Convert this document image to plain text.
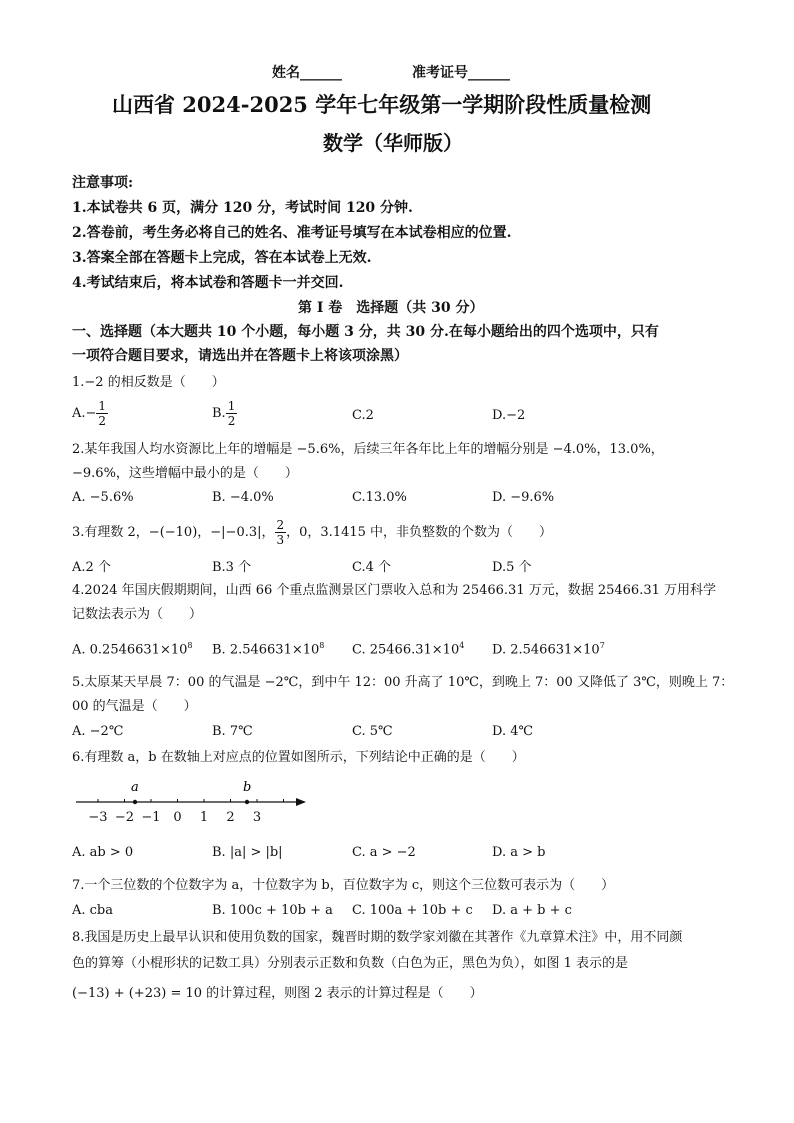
姓名______	准考证号______
山西省 2024-2025 学年七年级第一学期阶段性质量检测
数学（华师版）
注意事项:
1.本试卷共 6 页，满分 120 分，考试时间 120 分钟.
2.答卷前，考生务必将自己的姓名、准考证号填写在本试卷相应的位置.
3.答案全部在答题卡上完成，答在本试卷上无效.
4.考试结束后，将本试卷和答题卡一并交回.
第 I 卷　选择题（共 30 分）
一、选择题（本大题共 10 个小题，每小题 3 分，共 30 分.在每小题给出的四个选项中，只有
一项符合题目要求，请选出并在答题卡上将该项涂黑）
1.−2 的相反数是（　　）
$A.- \frac{1}{2}$	B. $\frac{1}{2}$	C.2	D.−2
2.某年我国人均水资源比上年的增幅是 −5.6%，后续三年各年比上年的增幅分别是 −4.0%，13.0%，
−9.6%，这些增幅中最小的是（　　）
A. −5.6%	B. −4.0%	C.13.0%	D. −9.6%
3.有理数 2，−(−10)，−|−0.3|， $\frac{2}{3}$ ，0，3.1415 中，非负整数的个数为（　　）
A.2 个	B.3 个	C.4 个	D.5 个
4.2024 年国庆假期期间，山西 66 个重点监测景区门票收入总和为 25466.31 万元，数据 25466.31 万用科学
记数法表示为（　　）
A. $0.2546631\times 10^8$ B. $2.546631\times 10^8$ C. $25466.31\times 10^4$ D. $2.546631\times 10^7$
5.太原某天早晨 7：00 的气温是 −2℃，到中午 12：00 升高了 10℃，到晚上 7：00 又降低了 3℃，则晚上 7：
00 的气温是（　　）
A. −2℃	B. 7℃	C. 5℃	D. 4℃
6.有理数 a，b 在数轴上对应点的位置如图所示，下列结论中正确的是（　　）
−3 −2 −1 0 1 2 3
a	b
A. ab > 0	B. |a| > |b|	C. a > −2	D. a > b
7.一个三位数的个位数字为 a，十位数字为 b，百位数字为 c，则这个三位数可表示为（　　）
A. cba	B. 100c + 10b + a C. 100a + 10b + c D. a + b + c
8.我国是历史上最早认识和使用负数的国家，魏晋时期的数学家刘徽在其著作《九章算术注》中，用不同颜
色的算筹（小棍形状的记数工具）分别表示正数和负数（白色为正，黑色为负），如图 1 表示的是
(−13) + (+23) = 10 的计算过程，则图 2 表示的计算过程是（　　）
